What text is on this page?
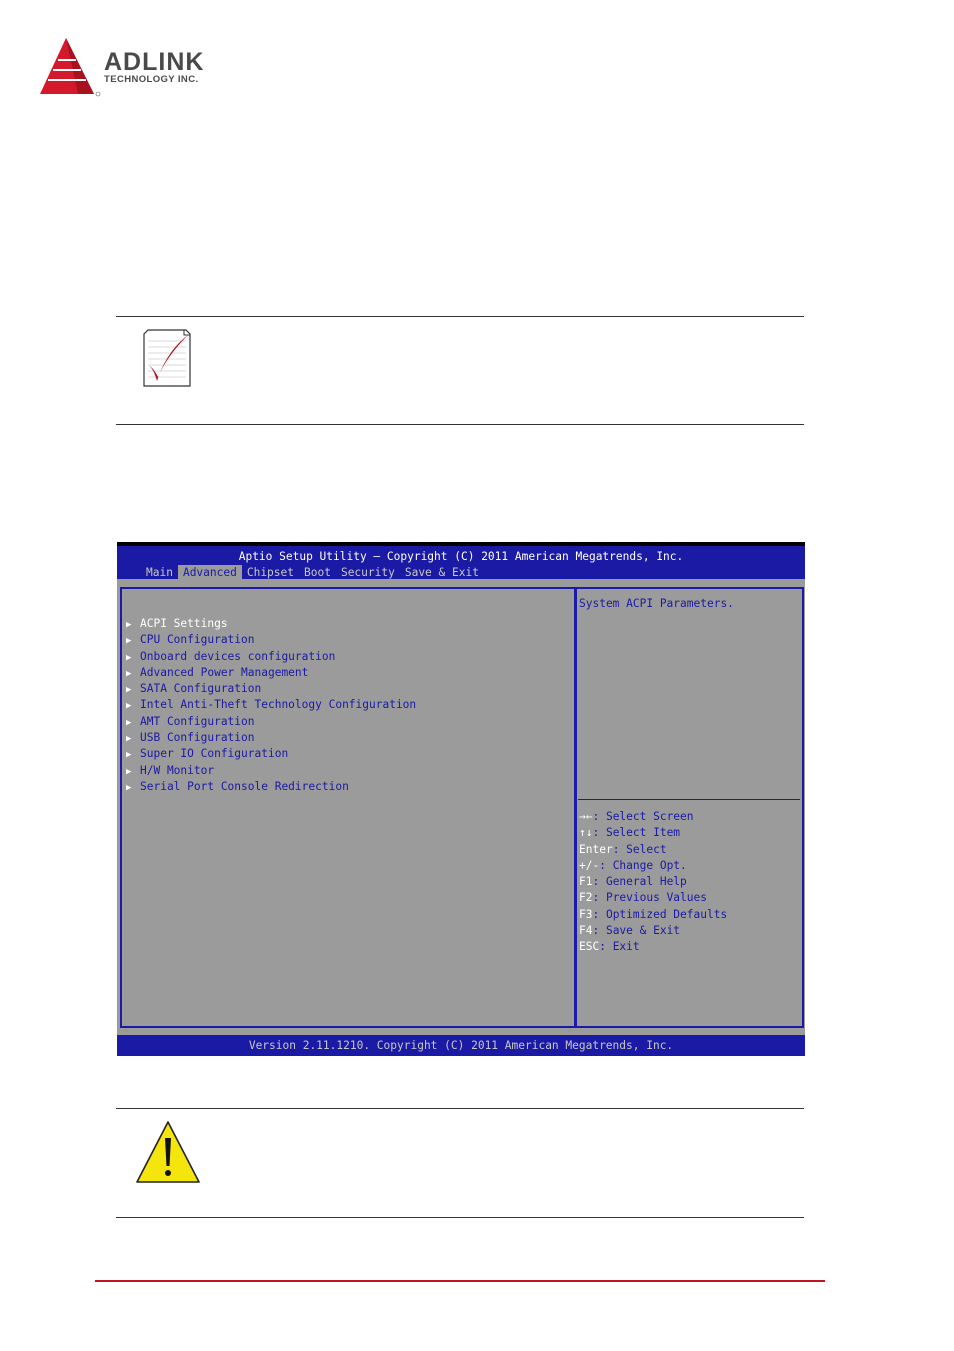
ADLINK
TECHNOLOGY INC.
Aptio Setup Utility – Copyright (C) 2011 American Megatrends, Inc.
Main Advanced Chipset Boot Security Save & Exit
▶ ACPI Settings
▶ CPU Configuration
▶ Onboard devices configuration
▶ Advanced Power Management
▶ SATA Configuration
▶ Intel Anti-Theft Technology Configuration
▶ AMT Configuration
▶ USB Configuration
▶ Super IO Configuration
▶ H/W Monitor
▶ Serial Port Console Redirection
System ACPI Parameters.
→←: Select Screen
↑↓: Select Item
Enter: Select
+/-: Change Opt.
F1: General Help
F2: Previous Values
F3: Optimized Defaults
F4: Save & Exit
ESC: Exit
Version 2.11.1210. Copyright (C) 2011 American Megatrends, Inc.
